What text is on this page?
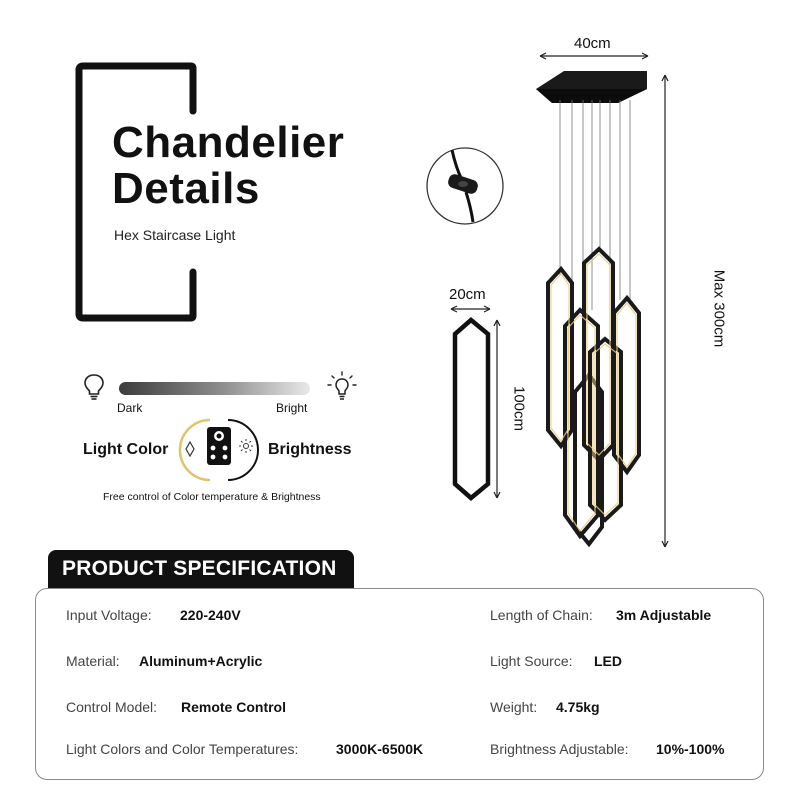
Chandelier
Details
Hex Staircase Light
Dark	Bright
Light Color	Brightness
Free control of Color temperature & Brightness
40cm
20cm	Max 300cm
100cm
PRODUCT SPECIFICATION
Input Voltage: 220-240V	Length of Chain: 3m Adjustable
Material: Aluminum+Acrylic	Light Source: LED
Control Model: Remote Control	Weight: 4.75kg
Light Colors and Color Temperatures:	3000K-6500K	Brightness Adjustable: 10%-100%
